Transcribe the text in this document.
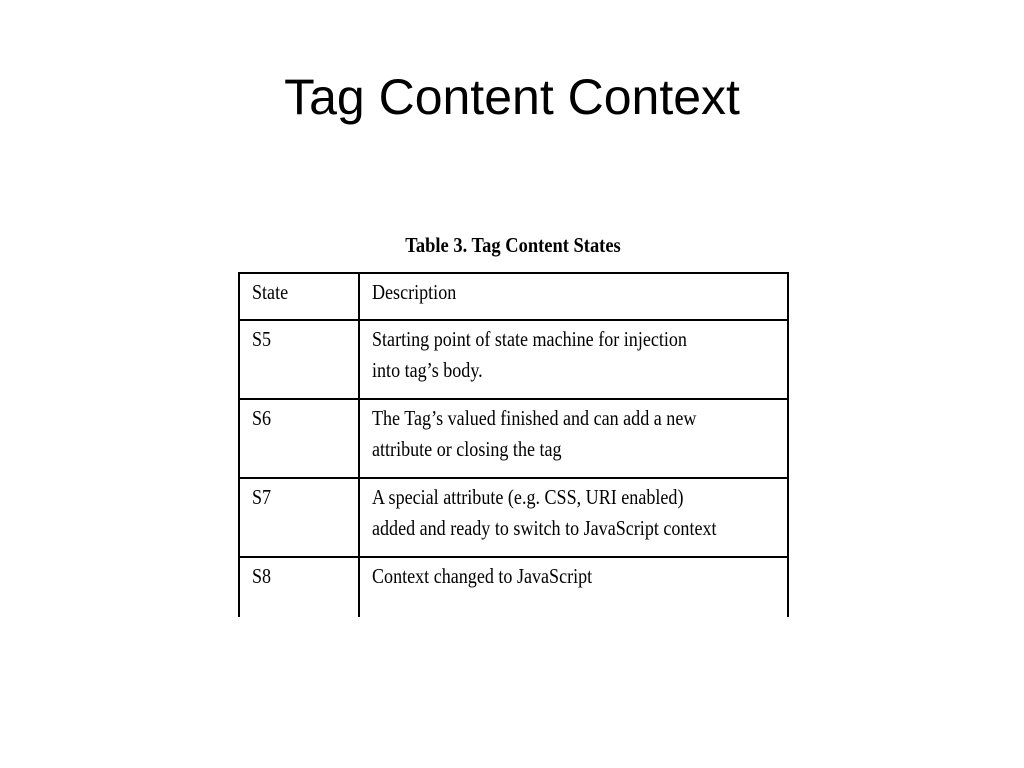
Tag Content Context
Table 3. Tag Content States
State	Description

S5	Starting point of state machine for injection
into tag’s body.

S6	The Tag’s valued finished and can add a new
attribute or closing the tag

S7	A special attribute (e.g. CSS, URI enabled)
added and ready to switch to JavaScript context

S8	Context changed to JavaScript
